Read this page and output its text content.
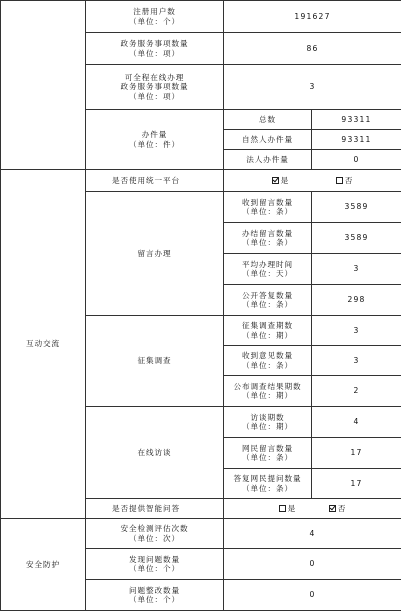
	注册用户数
（单位：个）	191627	

	政务服务事项数量
（单位：项）	86	

	可全程在线办理
政务服务事项数量
（单位：项）	3	

	办件量
（单位：件）	总数	93311
		自然人办件量	93311
		法人办件量	0
互动交流	是否使用统一平台	是 否	
	留言办理	收到留言数量
（单位：条）	3589

		办结留言数量
（单位：条）	3589

		平均办理时间
（单位：天）	3

		公开答复数量
（单位：条）	298
	征集调查	征集调查期数
（单位：期）	3

		收到意见数量
（单位：条）	3

		公布调查结果期数
（单位：期）	2
	在线访谈	访谈期数
（单位：期）	4

		网民留言数量
（单位：条）	17

		答复网民提问数量
（单位：条）	17
	是否提供智能问答	是 否	
安全防护	安全检测评估次数
（单位：次）	4	

	发现问题数量
（单位：个）	0	

	问题整改数量
（单位：个）	0	
